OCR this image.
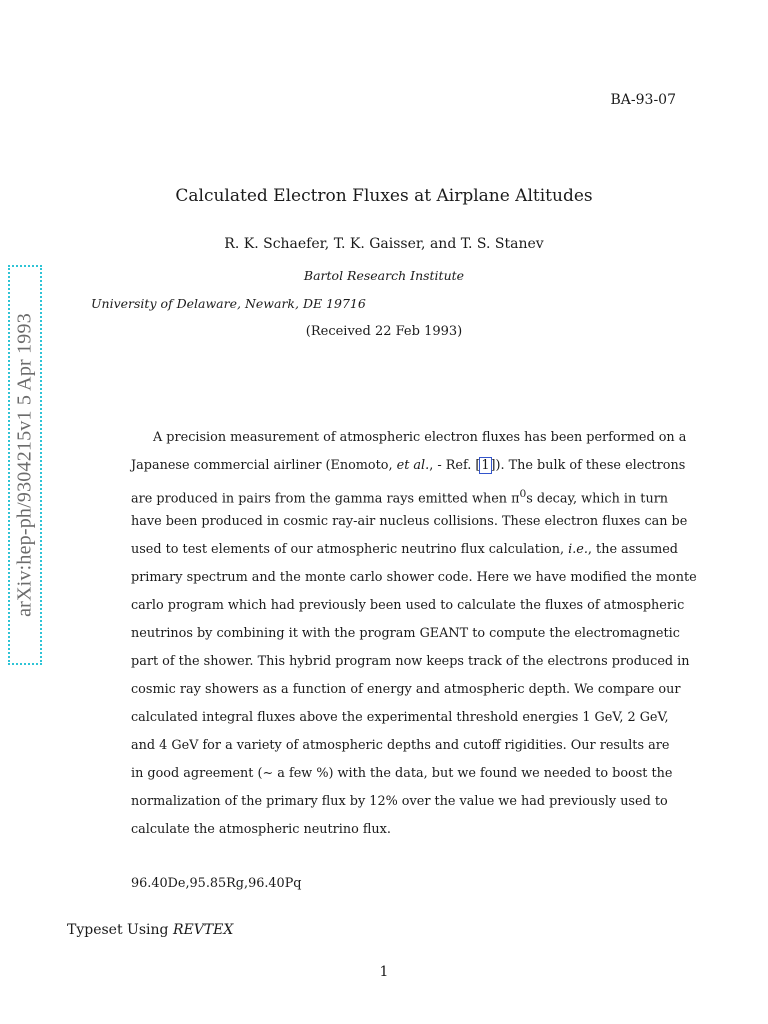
BA-93-07
arXiv:hep-ph/9304215v1 5 Apr 1993
Calculated Electron Fluxes at Airplane Altitudes
R. K. Schaefer, T. K. Gaisser, and T. S. Stanev
Bartol Research Institute
University of Delaware, Newark, DE 19716
(Received 22 Feb 1993)
A precision measurement of atmospheric electron fluxes has been performed on a
Japanese commercial airliner (Enomoto, et al., - Ref. [1]). The bulk of these electrons
are produced in pairs from the gamma rays emitted when $\pi^0s$ decay, which in turn
have been produced in cosmic ray-air nucleus collisions. These electron fluxes can be
used to test elements of our atmospheric neutrino flux calculation, i.e., the assumed
primary spectrum and the monte carlo shower code. Here we have modified the monte
carlo program which had previously been used to calculate the fluxes of atmospheric
neutrinos by combining it with the program GEANT to compute the electromagnetic
part of the shower. This hybrid program now keeps track of the electrons produced in
cosmic ray showers as a function of energy and atmospheric depth. We compare our
calculated integral fluxes above the experimental threshold energies 1 GeV, 2 GeV,
and 4 GeV for a variety of atmospheric depths and cutoff rigidities. Our results are
in good agreement (∼ a few %) with the data, but we found we needed to boost the
normalization of the primary flux by 12% over the value we had previously used to
calculate the atmospheric neutrino flux.
96.40De,95.85Rg,96.40Pq
Typeset Using REVTEX
1
